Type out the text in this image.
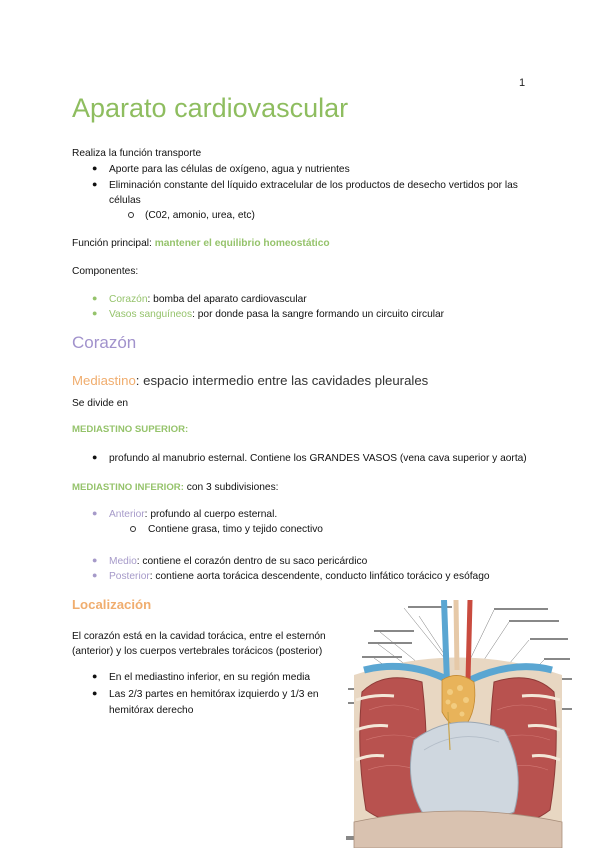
1
Aparato cardiovascular
Realiza la función transporte
● Aporte para las células de oxígeno, agua y nutrientes
● Eliminación constante del líquido extracelular de los productos de desecho vertidos por las
células
(C02, amonio, urea, etc)
Función principal: mantener el equilibrio homeostático
Componentes:
● Corazón: bomba del aparato cardiovascular
● Vasos sanguíneos: por donde pasa la sangre formando un circuito circular
Corazón
Mediastino: espacio intermedio entre las cavidades pleurales
Se divide en
MEDIASTINO SUPERIOR:
● profundo al manubrio esternal. Contiene los GRANDES VASOS (vena cava superior y aorta)
MEDIASTINO INFERIOR: con 3 subdivisiones:
● Anterior: profundo al cuerpo esternal.
Contiene grasa, timo y tejido conectivo
● Medio: contiene el corazón dentro de su saco pericárdico
● Posterior: contiene aorta torácica descendente, conducto linfático torácico y esófago
Localización
El corazón está en la cavidad torácica, entre el esternón
(anterior) y los cuerpos vertebrales torácicos (posterior)
● En el mediastino inferior, en su región media
● Las 2/3 partes en hemitórax izquierdo y 1/3 en
hemitórax derecho
